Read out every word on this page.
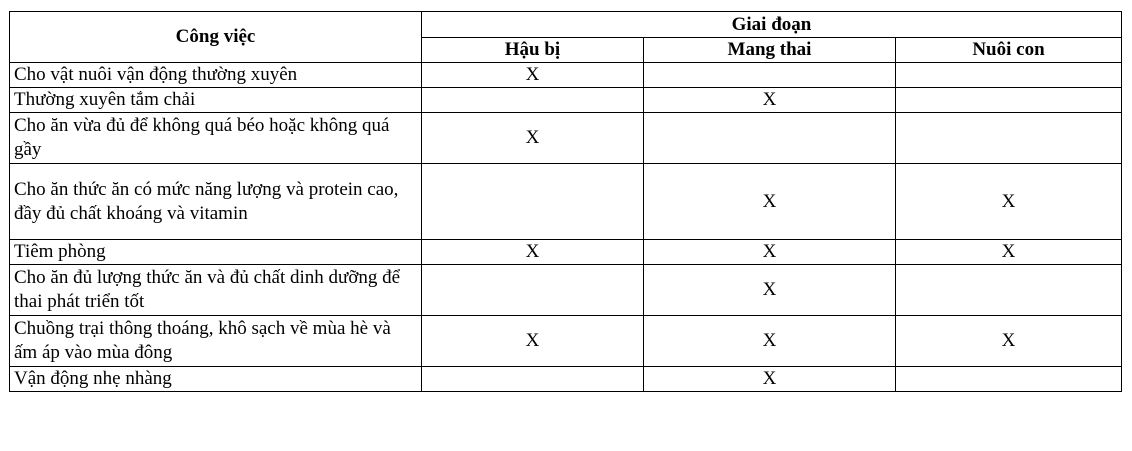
Công việc	Giai đoạn		
	Hậu bị	Mang thai	Nuôi con
Cho vật nuôi vận động thường xuyên	X		
Thường xuyên tắm chải		X	
Cho ăn vừa đủ để không quá béo hoặc không quá gầy	X		
Cho ăn thức ăn có mức năng lượng và protein cao, đầy đủ chất khoáng và vitamin		X	X
Tiêm phòng	X	X	X
Cho ăn đủ lượng thức ăn và đủ chất dinh dưỡng để thai phát triển tốt		X	
Chuồng trại thông thoáng, khô sạch về mùa hè và ấm áp vào mùa đông	X	X	X
Vận động nhẹ nhàng		X	
